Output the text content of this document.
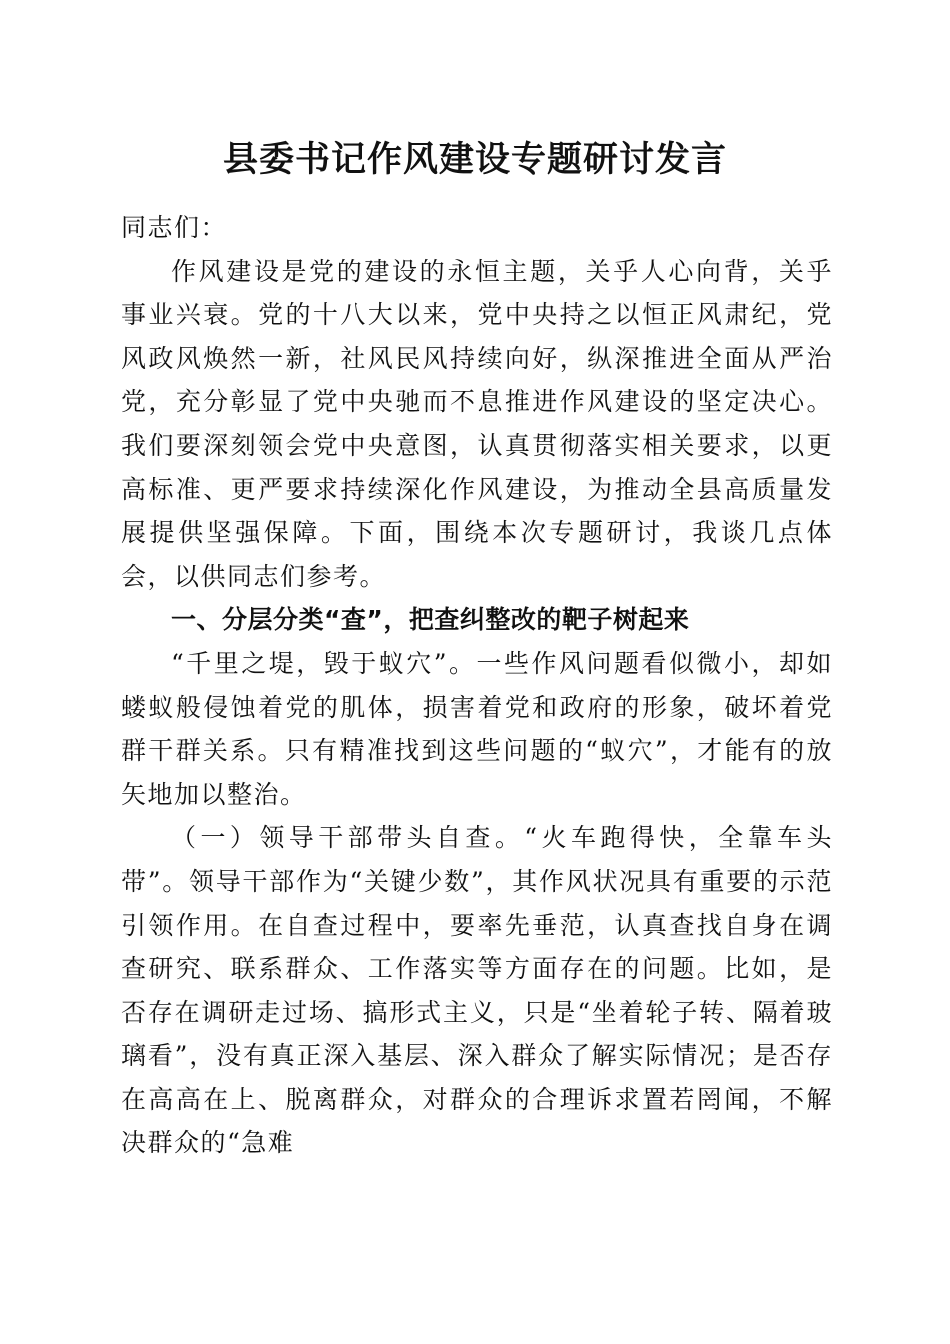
县委书记作风建设专题研讨发言

同志们：

作风建设是党的建设的永恒主题，关乎人心向背，关乎事业兴衰。党的十八大以来，党中央持之以恒正风肃纪，党风政风焕然一新，社风民风持续向好，纵深推进全面从严治党，充分彰显了党中央驰而不息推进作风建设的坚定决心。我们要深刻领会党中央意图，认真贯彻落实相关要求，以更高标准、更严要求持续深化作风建设，为推动全县高质量发展提供坚强保障。下面，围绕本次专题研讨，我谈几点体会，以供同志们参考。

一、分层分类“查”，把查纠整改的靶子树起来

“千里之堤，毁于蚁穴”。一些作风问题看似微小，却如蝼蚁般侵蚀着党的肌体，损害着党和政府的形象，破坏着党群干群关系。只有精准找到这些问题的“蚁穴”，才能有的放矢地加以整治。

（一）领导干部带头自查。“火车跑得快，全靠车头带”。领导干部作为“关键少数”，其作风状况具有重要的示范引领作用。在自查过程中，要率先垂范，认真查找自身在调查研究、联系群众、工作落实等方面存在的问题。比如，是否存在调研走过场、搞形式主义，只是“坐着轮子转、隔着玻璃看”，没有真正深入基层、深入群众了解实际情况；是否存在高高在上、脱离群众，对群众的合理诉求置若罔闻，不解决群众的“急难
